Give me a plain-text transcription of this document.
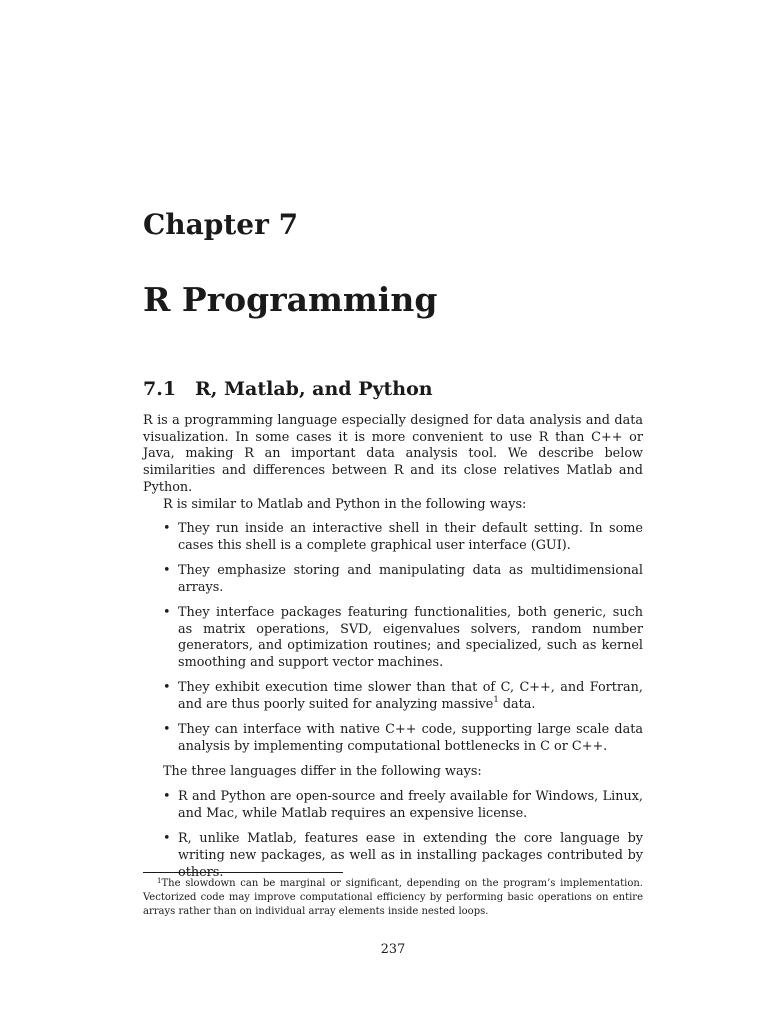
Chapter 7
R Programming
7.1 R, Matlab, and Python

R is a programming language especially designed for data analysis and data visualization. In some cases it is more convenient to use R than C++ or Java, making R an important data analysis tool. We describe below similarities and differences between R and its close relatives Matlab and Python.

R is similar to Matlab and Python in the following ways:

• They run inside an interactive shell in their default setting. In some cases this shell is a complete graphical user interface (GUI).
• They emphasize storing and manipulating data as multidimensional arrays.
• They interface packages featuring functionalities, both generic, such as matrix operations, SVD, eigenvalues solvers, random number generators, and optimization routines; and specialized, such as kernel smoothing and support vector machines.
• They exhibit execution time slower than that of C, C++, and Fortran, and are thus poorly suited for analyzing massive$^1$ data.
• They can interface with native C++ code, supporting large scale data analysis by implementing computational bottlenecks in C or C++.

The three languages differ in the following ways:

• R and Python are open-source and freely available for Windows, Linux, and Mac, while Matlab requires an expensive license.
• R, unlike Matlab, features ease in extending the core language by writing new packages, as well as in installing packages contributed by others.
$^1$The slowdown can be marginal or significant, depending on the program’s implementation. Vectorized code may improve computational efficiency by performing basic operations on entire arrays rather than on individual array elements inside nested loops.
237
